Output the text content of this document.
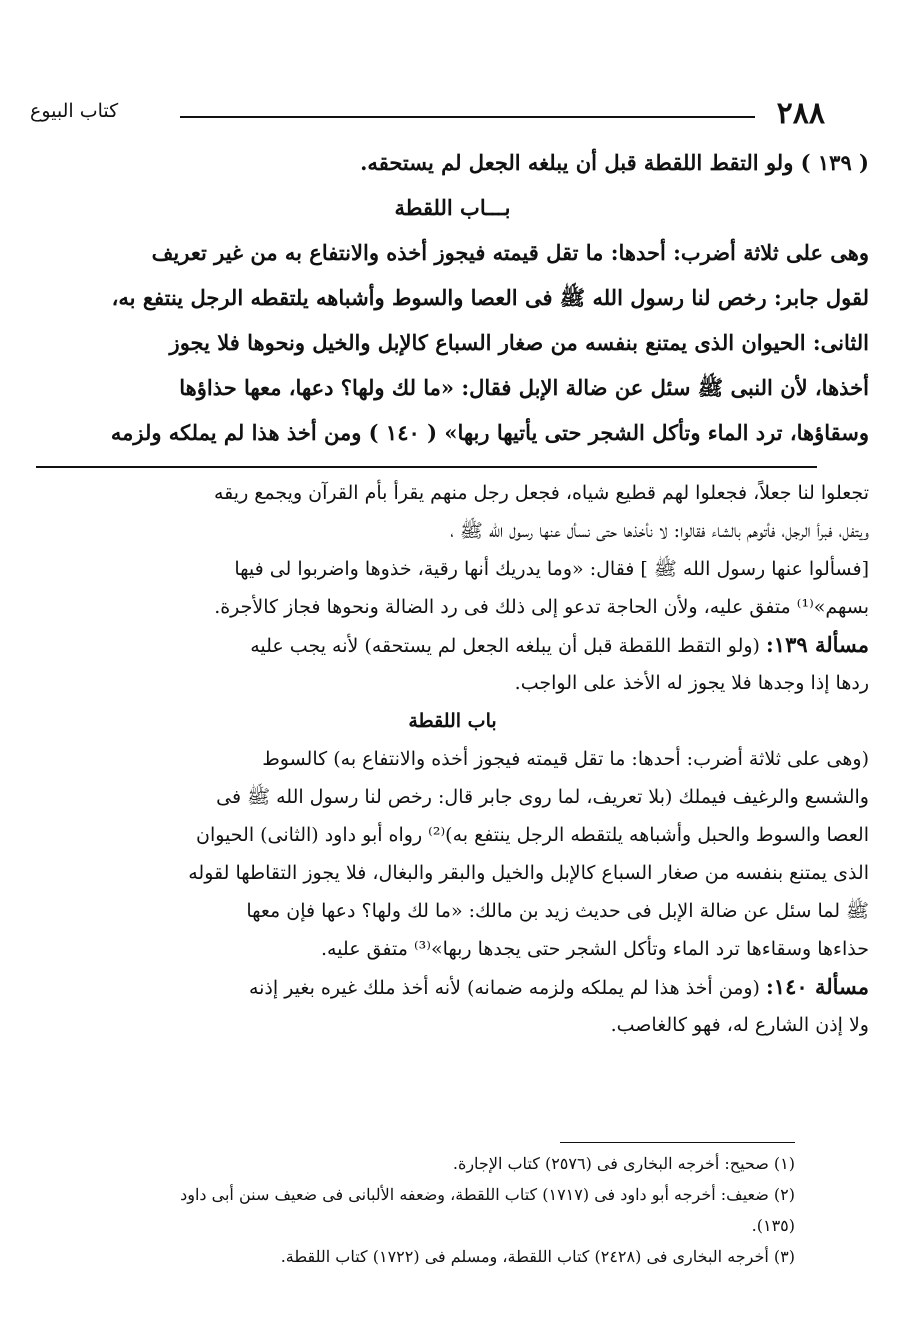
كتاب البيوع	٢٨٨
( ١٣٩ ) ولو التقط اللقطة قبل أن يبلغه الجعل لم يستحقه.
بـــاب اللقطة
وهى على ثلاثة أضرب: أحدها: ما تقل قيمته فيجوز أخذه والانتفاع به من غير تعريف
لقول جابر: رخص لنا رسول الله ﷺ فى العصا والسوط وأشباهه يلتقطه الرجل ينتفع به،
الثانى: الحيوان الذى يمتنع بنفسه من صغار السباع كالإبل والخيل ونحوها فلا يجوز
أخذها، لأن النبى ﷺ سئل عن ضالة الإبل فقال: «ما لك ولها؟ دعها، معها حذاؤها
وسقاؤها، ترد الماء وتأكل الشجر حتى يأتيها ربها» ( ١٤٠ ) ومن أخذ هذا لم يملكه ولزمه
تجعلوا لنا جعلاً، فجعلوا لهم قطيع شياه، فجعل رجل منهم يقرأ بأم القرآن ويجمع ريقه
ويتفل، فبرأ الرجل، فأتوهم بالشاء فقالوا: لا نأخذها حتى نسأل عنها رسول الله ﷺ ،
[فسألوا عنها رسول الله ﷺ ] فقال: «وما يدريك أنها رقية، خذوها واضربوا لى فيها
بسهم»⁽¹⁾ متفق عليه، ولأن الحاجة تدعو إلى ذلك فى رد الضالة ونحوها فجاز كالأجرة.
مسألة ١٣٩: (ولو التقط اللقطة قبل أن يبلغه الجعل لم يستحقه) لأنه يجب عليه
ردها إذا وجدها فلا يجوز له الأخذ على الواجب.
باب اللقطة
(وهى على ثلاثة أضرب: أحدها: ما تقل قيمته فيجوز أخذه والانتفاع به) كالسوط
والشسع والرغيف فيملك (بلا تعريف، لما روى جابر قال: رخص لنا رسول الله ﷺ فى
العصا والسوط والحبل وأشباهه يلتقطه الرجل ينتفع به)⁽²⁾ رواه أبو داود (الثانى) الحيوان
الذى يمتنع بنفسه من صغار السباع كالإبل والخيل والبقر والبغال، فلا يجوز التقاطها لقوله
ﷺ لما سئل عن ضالة الإبل فى حديث زيد بن مالك: «ما لك ولها؟ دعها فإن معها
حذاءها وسقاءها ترد الماء وتأكل الشجر حتى يجدها ربها»⁽³⁾ متفق عليه.
مسألة ١٤٠: (ومن أخذ هذا لم يملكه ولزمه ضمانه) لأنه أخذ ملك غيره بغير إذنه
ولا إذن الشارع له، فهو كالغاصب.
(١) صحيح: أخرجه البخارى فى (٢٥٧٦) كتاب الإجارة.
(٢) ضعيف: أخرجه أبو داود فى (١٧١٧) كتاب اللقطة، وضعفه الألبانى فى ضعيف سنن أبى داود
(١٣٥).
(٣) أخرجه البخارى فى (٢٤٢٨) كتاب اللقطة، ومسلم فى (١٧٢٢) كتاب اللقطة.
